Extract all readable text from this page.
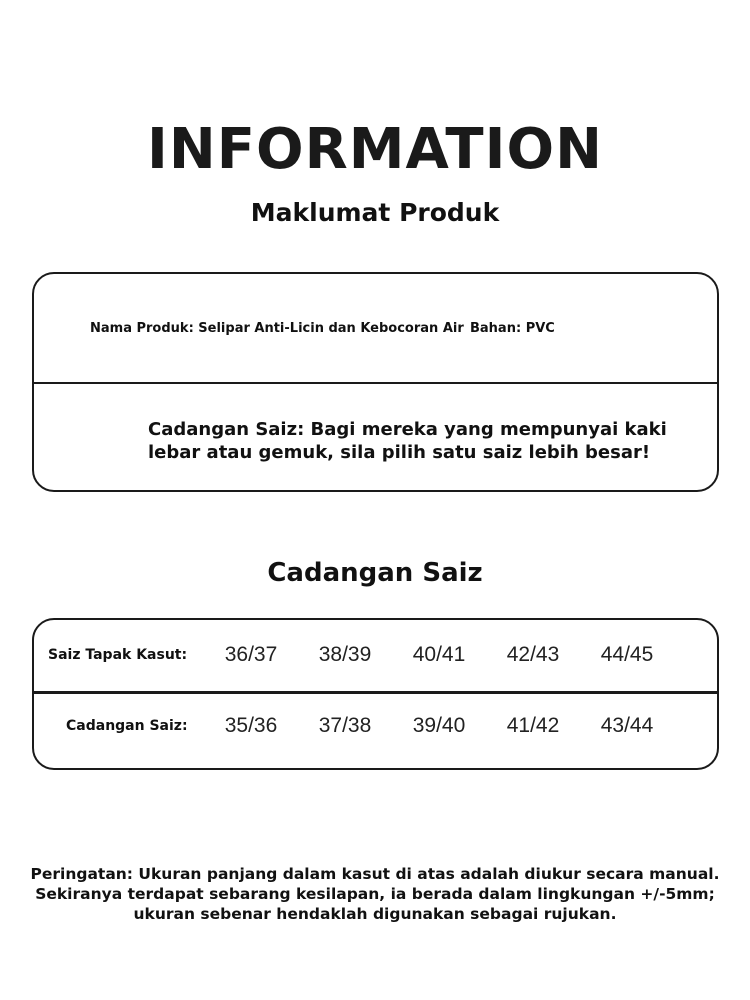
INFORMATION
Maklumat Produk
Nama Produk: Selipar Anti-Licin dan Kebocoran Air Bahan: PVC
Cadangan Saiz: Bagi mereka yang mempunyai kaki lebar atau gemuk, sila pilih satu saiz lebih besar!
Cadangan Saiz
Saiz Tapak Kasut:	36/37	38/39	40/41	42/43	44/45
Cadangan Saiz:	35/36	37/38	39/40	41/42	43/44
Peringatan: Ukuran panjang dalam kasut di atas adalah diukur secara manual. Sekiranya terdapat sebarang kesilapan, ia berada dalam lingkungan +/-5mm; ukuran sebenar hendaklah digunakan sebagai rujukan.
